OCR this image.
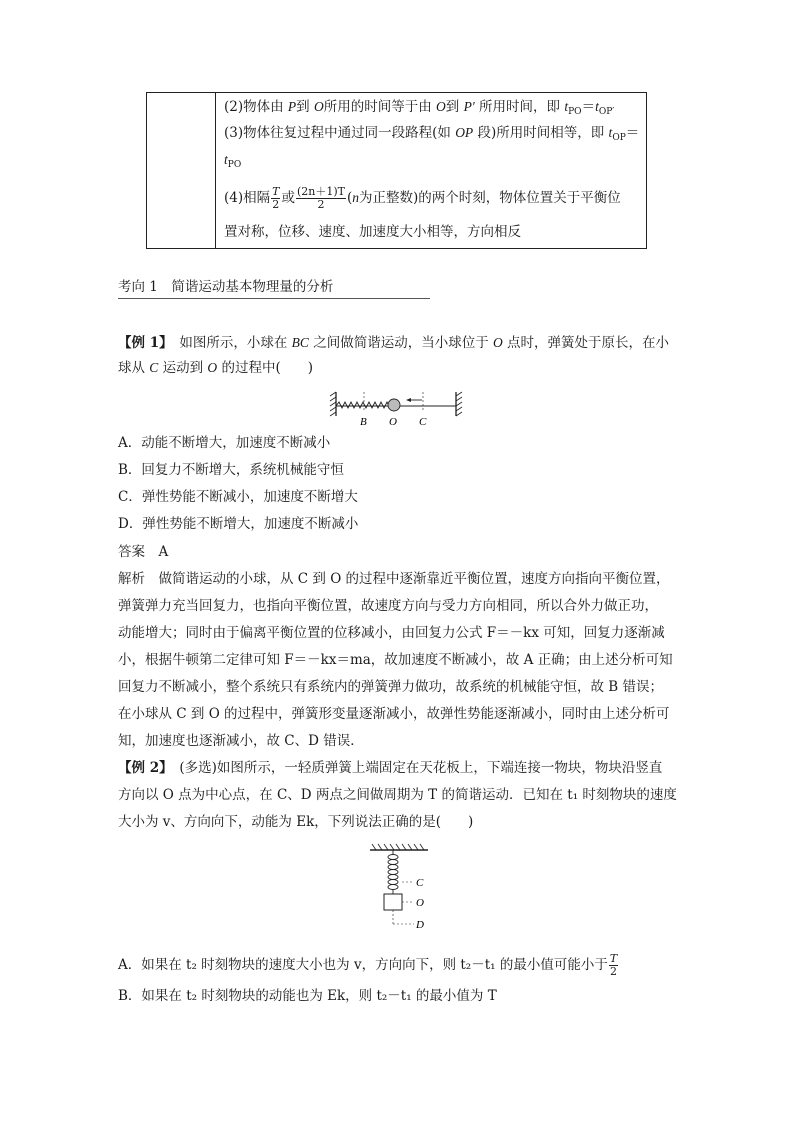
(2)物体由 P到 O所用的时间等于由 O到 P′ 所用时间，即 $t_{PO}=t_{OP'}$
(3)物体往复过程中通过同一段路程(如 OP 段)所用时间相等，即 $t_{OP}=$
$t_{PO}$
(4)相隔 $\frac{T}{2}$ 或 $\frac{(2n+1)T}{2} (n$为正整数)的两个时刻，物体位置关于平衡位
置对称，位移、速度、加速度大小相等，方向相反
考向 1　简谐运动基本物理量的分析
【例 1】　如图所示，小球在 BC 之间做简谐运动，当小球位于 O 点时，弹簧处于原长，在小
球从 C 运动到 O 的过程中(　　)
B O C
A．动能不断增大，加速度不断减小
B．回复力不断增大，系统机械能守恒
C．弹性势能不断减小，加速度不断增大
D．弹性势能不断增大，加速度不断减小
答案　 A
解析　做简谐运动的小球，从 C 到 O 的过程中逐渐靠近平衡位置，速度方向指向平衡位置，
弹簧弹力充当回复力，也指向平衡位置，故速度方向与受力方向相同，所以合外力做正功，
动能增大；同时由于偏离平衡位置的位移减小，由回复力公式 F＝－kx 可知，回复力逐渐减
小，根据牛顿第二定律可知 F＝－kx＝ma，故加速度不断减小，故 A 正确；由上述分析可知
回复力不断减小，整个系统只有系统内的弹簧弹力做功，故系统的机械能守恒，故 B 错误；
在小球从 C 到 O 的过程中，弹簧形变量逐渐减小，故弹性势能逐渐减小，同时由上述分析可
知，加速度也逐渐减小，故 C、D 错误．
【例 2】　(多选)如图所示，一轻质弹簧上端固定在天花板上，下端连接一物块，物块沿竖直
方向以 O 点为中心点，在 C、D 两点之间做周期为 T 的简谐运动．已知在 t₁ 时刻物块的速度
大小为 v、方向向下，动能为 Ek，下列说法正确的是(　　)
C
O
D
A．如果在 t₂ 时刻物块的速度大小也为 v，方向向下，则 t₂－t₁ 的最小值可能小于 $\frac{T}{2}$
B．如果在 t₂ 时刻物块的动能也为 Ek，则 t₂－t₁ 的最小值为 T
